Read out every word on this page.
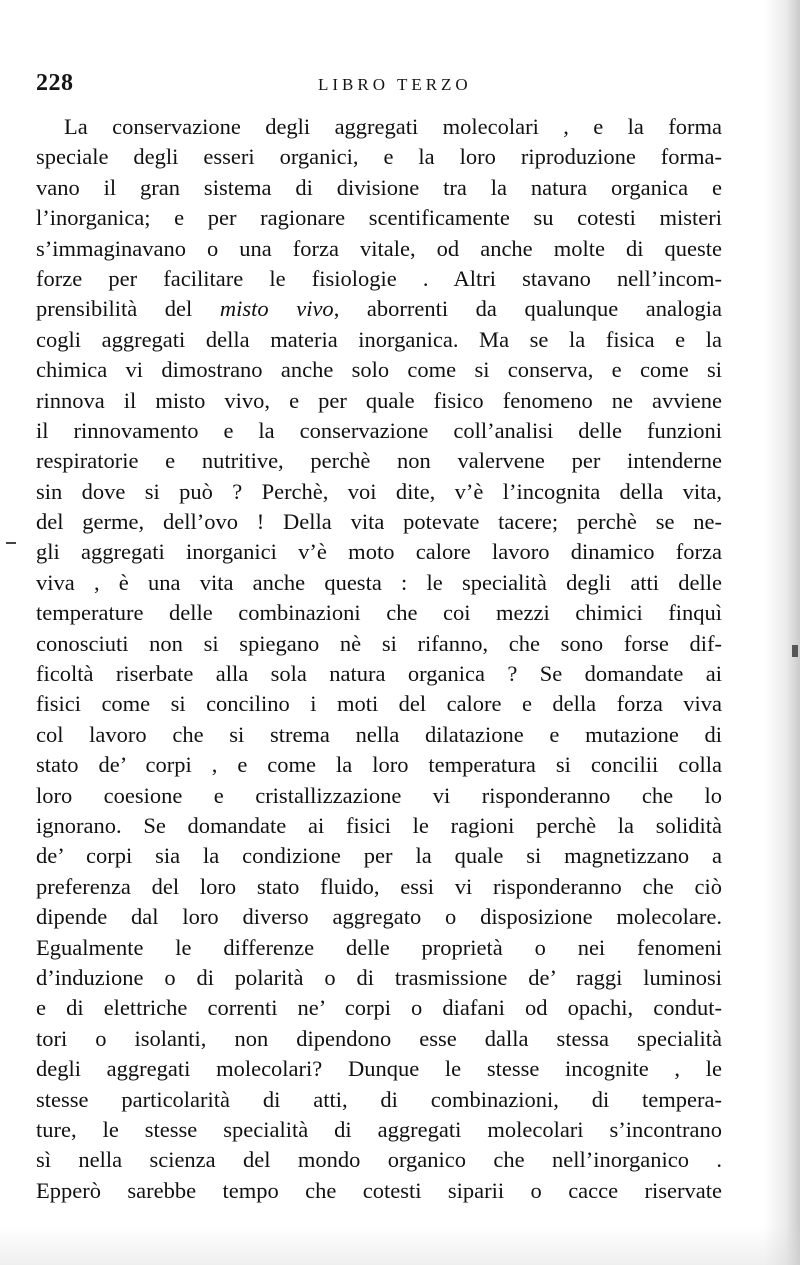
228	LIBRO TERZO
La conservazione degli aggregati molecolari , e la forma
speciale degli esseri organici, e la loro riproduzione forma-
vano il gran sistema di divisione tra la natura organica e
l’inorganica; e per ragionare scentificamente su cotesti misteri
s’immaginavano o una forza vitale, od anche molte di queste
forze per facilitare le fisiologie . Altri stavano nell’incom-
prensibilità del misto vivo, aborrenti da qualunque analogia
cogli aggregati della materia inorganica. Ma se la fisica e la
chimica vi dimostrano anche solo come si conserva, e come si
rinnova il misto vivo, e per quale fisico fenomeno ne avviene
il rinnovamento e la conservazione coll’analisi delle funzioni
respiratorie e nutritive, perchè non valervene per intenderne
sin dove si può ? Perchè, voi dite, v’è l’incognita della vita,
del germe, dell’ovo ! Della vita potevate tacere; perchè se ne-
gli aggregati inorganici v’è moto calore lavoro dinamico forza
viva , è una vita anche questa : le specialità degli atti delle
temperature delle combinazioni che coi mezzi chimici finquì
conosciuti non si spiegano nè si rifanno, che sono forse dif-
ficoltà riserbate alla sola natura organica ? Se domandate ai
fisici come si concilino i moti del calore e della forza viva
col lavoro che si strema nella dilatazione e mutazione di
stato de’ corpi , e come la loro temperatura si concilii colla
loro coesione e cristallizzazione vi risponderanno che lo
ignorano. Se domandate ai fisici le ragioni perchè la solidità
de’ corpi sia la condizione per la quale si magnetizzano a
preferenza del loro stato fluido, essi vi risponderanno che ciò
dipende dal loro diverso aggregato o disposizione molecolare.
Egualmente le differenze delle proprietà o nei fenomeni
d’induzione o di polarità o di trasmissione de’ raggi luminosi
e di elettriche correnti ne’ corpi o diafani od opachi, condut-
tori o isolanti, non dipendono esse dalla stessa specialità
degli aggregati molecolari? Dunque le stesse incognite , le
stesse particolarità di atti, di combinazioni, di tempera-
ture, le stesse specialità di aggregati molecolari s’incontrano
sì nella scienza del mondo organico che nell’inorganico .
Epperò sarebbe tempo che cotesti siparii o cacce riservate
